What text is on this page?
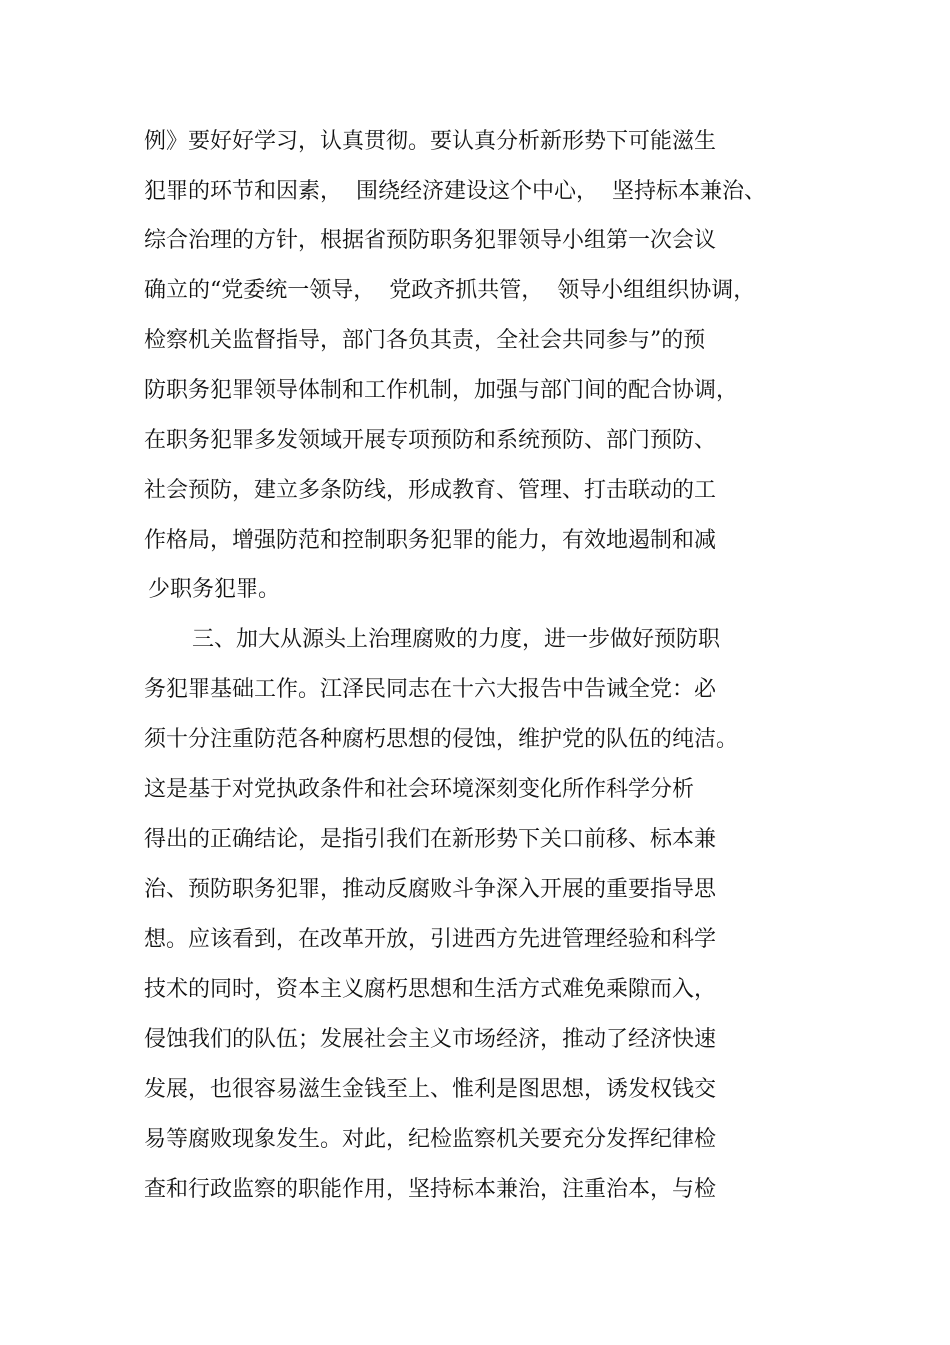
例》要好好学习，认真贯彻。要认真分析新形势下可能滋生
犯罪的环节和因素，  围绕经济建设这个中心，  坚持标本兼治、
综合治理的方针，根据省预防职务犯罪领导小组第一次会议
确立的“党委统一领导，  党政齐抓共管，  领导小组组织协调，
检察机关监督指导，部门各负其责，全社会共同参与”的预
防职务犯罪领导体制和工作机制，加强与部门间的配合协调，
在职务犯罪多发领域开展专项预防和系统预防、部门预防、
社会预防，建立多条防线，形成教育、管理、打击联动的工
作格局，增强防范和控制职务犯罪的能力，有效地遏制和减
少职务犯罪。
三、加大从源头上治理腐败的力度，进一步做好预防职
务犯罪基础工作。江泽民同志在十六大报告中告诫全党：必
须十分注重防范各种腐朽思想的侵蚀，维护党的队伍的纯洁。
这是基于对党执政条件和社会环境深刻变化所作科学分析
得出的正确结论，是指引我们在新形势下关口前移、标本兼
治、预防职务犯罪，推动反腐败斗争深入开展的重要指导思
想。应该看到，在改革开放，引进西方先进管理经验和科学
技术的同时，资本主义腐朽思想和生活方式难免乘隙而入，
侵蚀我们的队伍；发展社会主义市场经济，推动了经济快速
发展，也很容易滋生金钱至上、惟利是图思想，诱发权钱交
易等腐败现象发生。对此，纪检监察机关要充分发挥纪律检
查和行政监察的职能作用，坚持标本兼治，注重治本，与检
